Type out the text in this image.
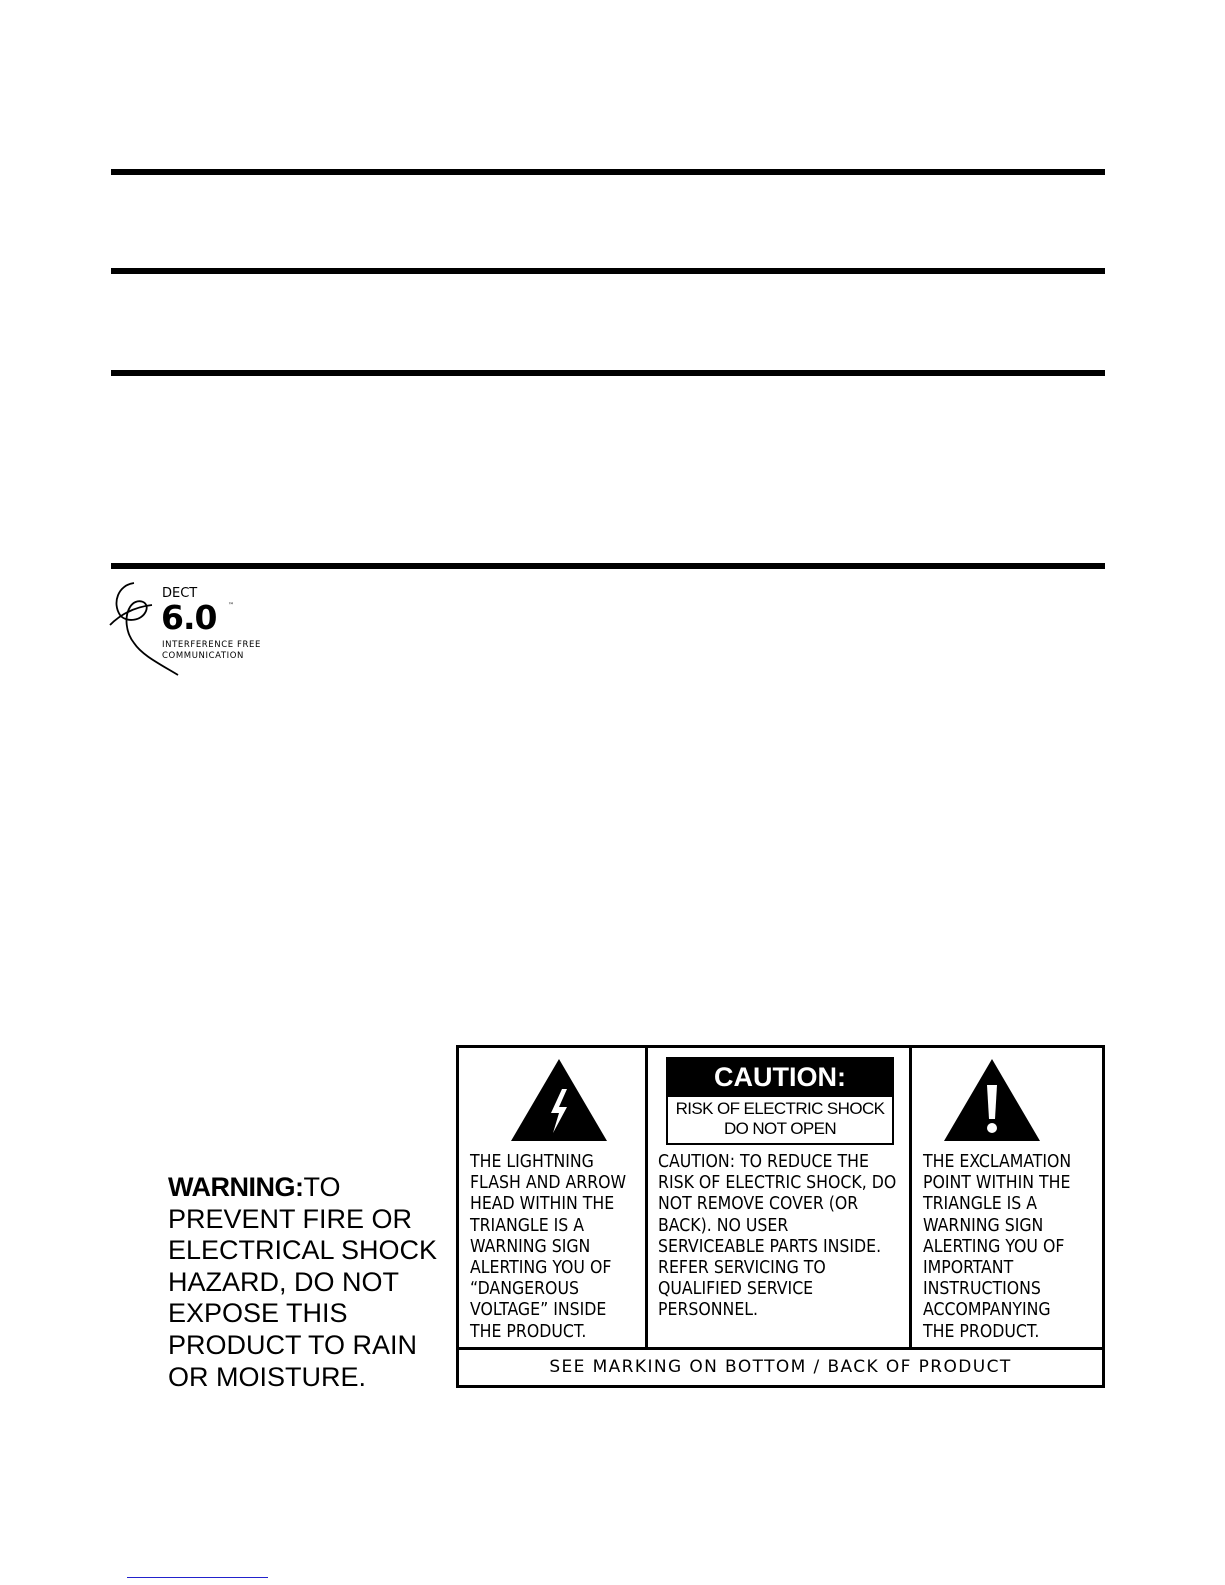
DECT
6.0 ™
INTERFERENCE FREE
COMMUNICATION
WARNING:TO
PREVENT FIRE OR
ELECTRICAL SHOCK
HAZARD, DO NOT
EXPOSE THIS
PRODUCT TO RAIN
OR MOISTURE.
CAUTION:
RISK OF ELECTRIC SHOCK
DO NOT OPEN
THE LIGHTNING
FLASH AND ARROW
HEAD WITHIN THE
TRIANGLE IS A
WARNING SIGN
ALERTING YOU OF
“DANGEROUS
VOLTAGE” INSIDE
THE PRODUCT.
CAUTION: TO REDUCE THE
RISK OF ELECTRIC SHOCK, DO
NOT REMOVE COVER (OR
BACK). NO USER
SERVICEABLE PARTS INSIDE.
REFER SERVICING TO
QUALIFIED SERVICE
PERSONNEL.
THE EXCLAMATION
POINT WITHIN THE
TRIANGLE IS A
WARNING SIGN
ALERTING YOU OF
IMPORTANT
INSTRUCTIONS
ACCOMPANYING
THE PRODUCT.
SEE MARKING ON BOTTOM / BACK OF PRODUCT
